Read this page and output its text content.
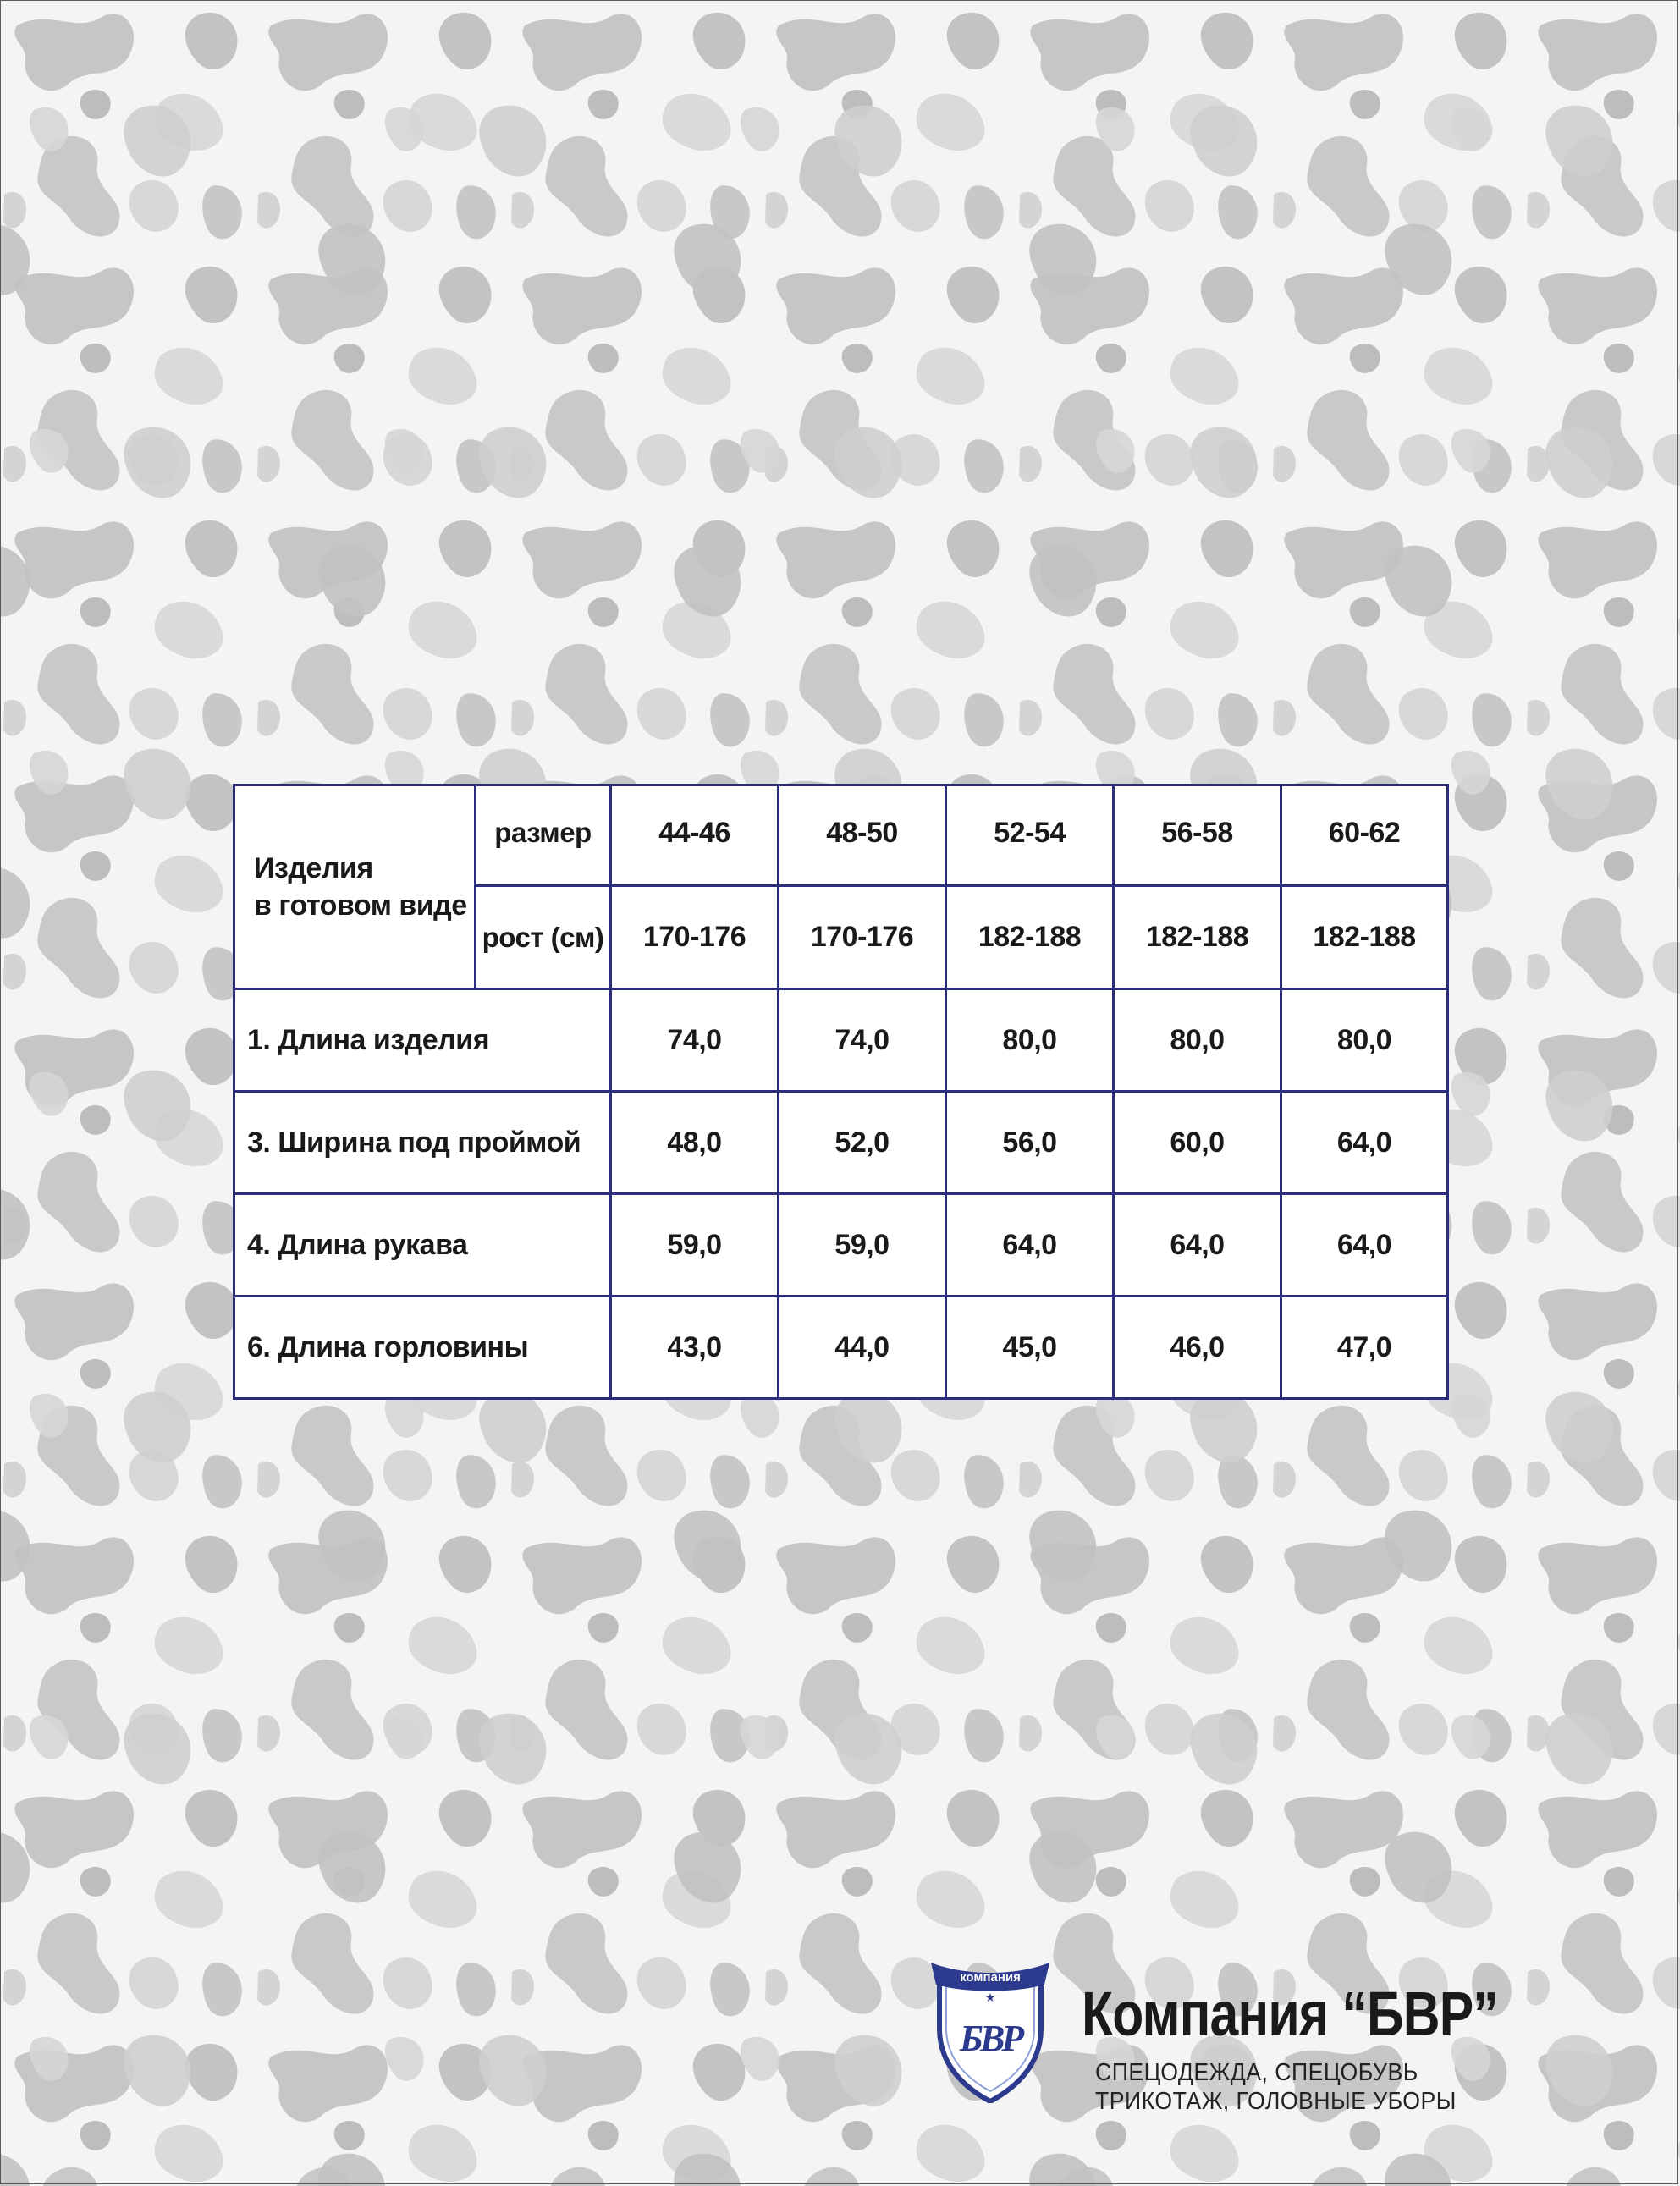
Изделия
в готовом виде	размер	44-46	48-50	52-54	56-58	60-62
	рост (см)	170-176	170-176	182-188	182-188	182-188
1. Длина изделия		74,0	74,0	80,0	80,0	80,0
3. Ширина под проймой		48,0	52,0	56,0	60,0	64,0
4. Длина рукава		59,0	59,0	64,0	64,0	64,0
6. Длина горловины		43,0	44,0	45,0	46,0	47,0
компания
★
БВР Компания “БВР”
СПЕЦОДЕЖДА, СПЕЦОБУВЬ
ТРИКОТАЖ, ГОЛОВНЫЕ УБОРЫ
